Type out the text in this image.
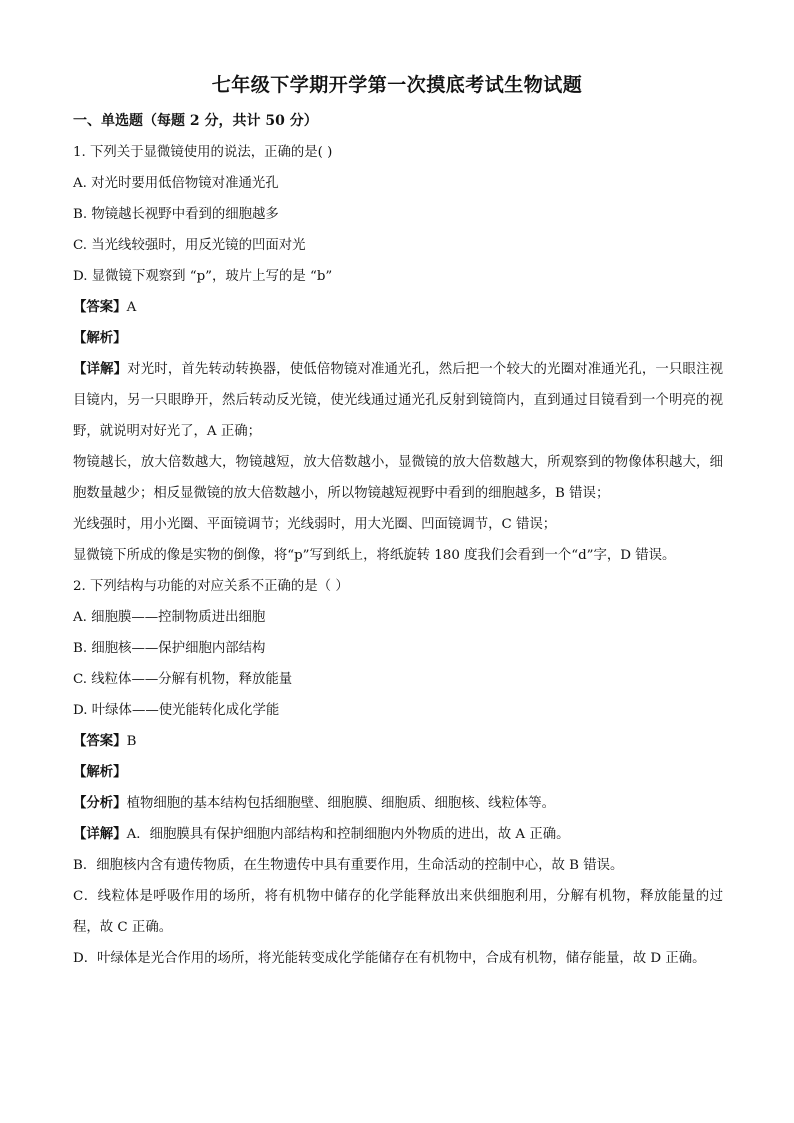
七年级下学期开学第一次摸底考试生物试题

一、单选题（每题 2 分，共计 50 分）

1. 下列关于显微镜使用的说法，正确的是( )

A. 对光时要用低倍物镜对准通光孔

B. 物镜越长视野中看到的细胞越多

C. 当光线较强时，用反光镜的凹面对光

D. 显微镜下观察到 “p”，玻片上写的是 “b”

【答案】A

【解析】

【详解】对光时，首先转动转换器，使低倍物镜对准通光孔，然后把一个较大的光圈对准通光孔，一只眼注视目镜内，另一只眼睁开，然后转动反光镜，使光线通过通光孔反射到镜筒内，直到通过目镜看到一个明亮的视野，就说明对好光了，A 正确；

物镜越长，放大倍数越大，物镜越短，放大倍数越小，显微镜的放大倍数越大，所观察到的物像体积越大，细胞数量越少；相反显微镜的放大倍数越小，所以物镜越短视野中看到的细胞越多，B 错误；

光线强时，用小光圈、平面镜调节；光线弱时，用大光圈、凹面镜调节，C 错误；

显微镜下所成的像是实物的倒像，将“p”写到纸上，将纸旋转 180 度我们会看到一个“d”字，D 错误。

2. 下列结构与功能的对应关系不正确的是（ ）

A. 细胞膜——控制物质进出细胞

B. 细胞核——保护细胞内部结构

C. 线粒体——分解有机物，释放能量

D. 叶绿体——使光能转化成化学能

【答案】B

【解析】

【分析】植物细胞的基本结构包括细胞壁、细胞膜、细胞质、细胞核、线粒体等。

【详解】A．细胞膜具有保护细胞内部结构和控制细胞内外物质的进出，故 A 正确。

B．细胞核内含有遗传物质，在生物遗传中具有重要作用，生命活动的控制中心，故 B 错误。

C．线粒体是呼吸作用的场所，将有机物中储存的化学能释放出来供细胞利用，分解有机物，释放能量的过程，故 C 正确。

D．叶绿体是光合作用的场所，将光能转变成化学能储存在有机物中，合成有机物，储存能量，故 D 正确。
